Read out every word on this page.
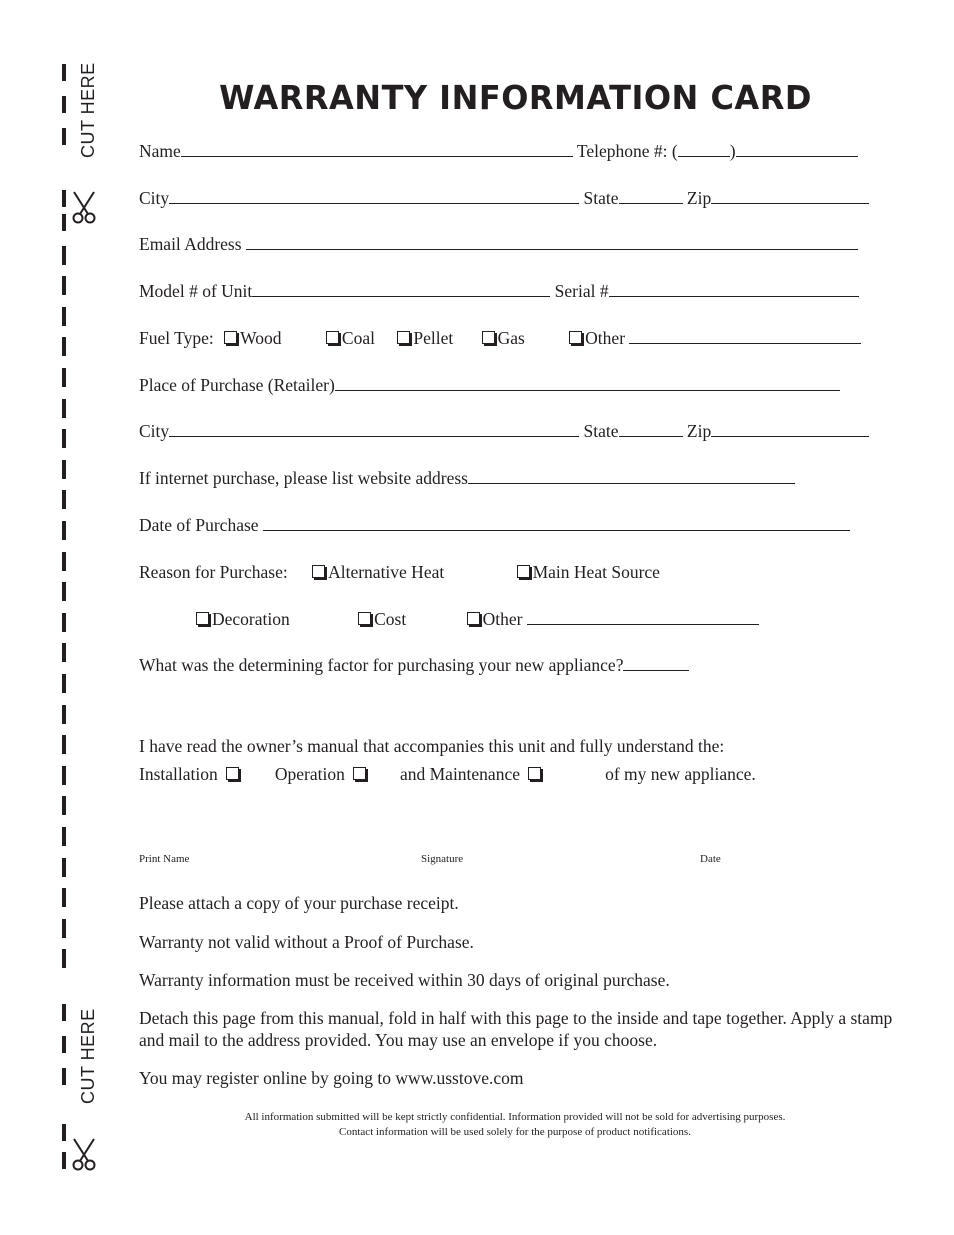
CUT HERE
CUT HERE
WARRANTY INFORMATION CARD
Name	Telephone #: (	)
City	State	Zip
Email Address
Model # of Unit	Serial #
Fuel Type: Wood	Coal Pellet	Gas	Other
Place of Purchase (Retailer)
City	State	Zip
If internet purchase, please list website address
Date of Purchase
Reason for Purchase: Alternative Heat	Main Heat Source
Decoration	Cost	Other
What was the determining factor for purchasing your new appliance?
I have read the owner’s manual that accompanies this unit and fully understand the:
Installation	Operation	and Maintenance	of my new appliance.
Print Name	Signature	Date
Please attach a copy of your purchase receipt.
Warranty not valid without a Proof of Purchase.
Warranty information must be received within 30 days of original purchase.
Detach this page from this manual, fold in half with this page to the inside and tape together. Apply a stamp and mail to the address provided. You may use an envelope if you choose.
You may register online by going to www.usstove.com
All information submitted will be kept strictly confidential. Information provided will not be sold for advertising purposes.
Contact information will be used solely for the purpose of product notifications.
